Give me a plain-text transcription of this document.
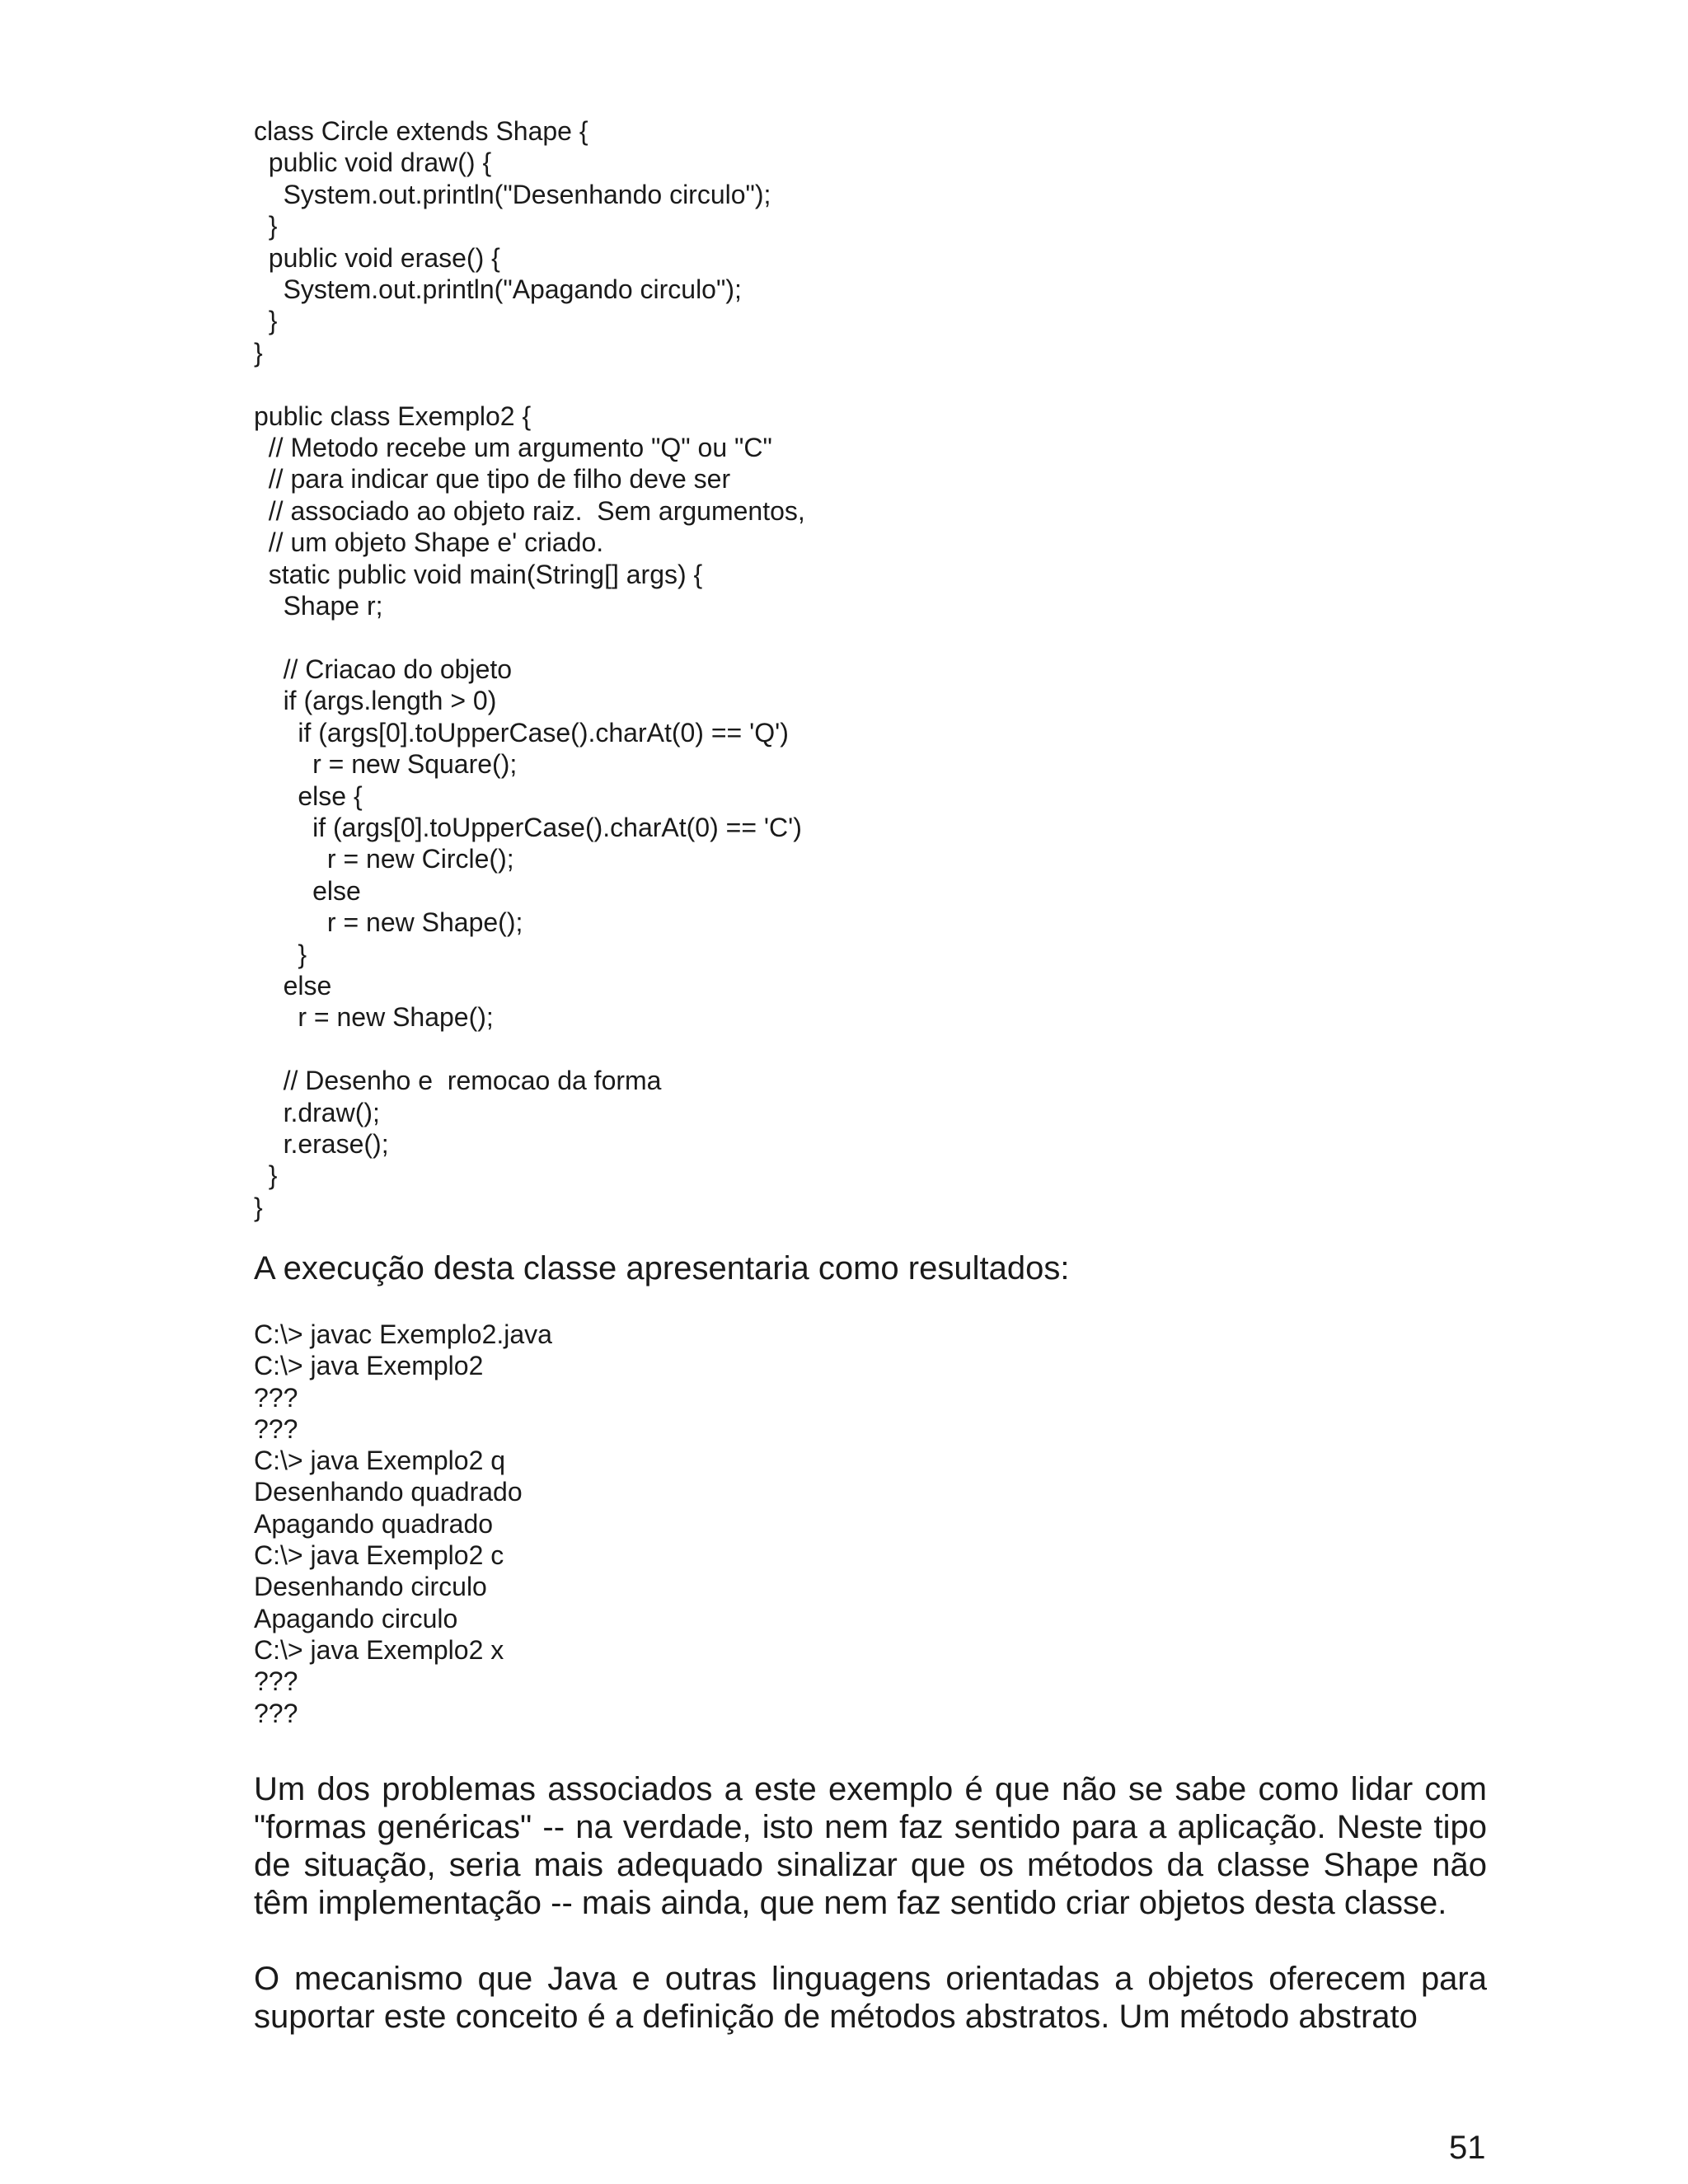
class Circle extends Shape {
public void draw() {
System.out.println("Desenhando circulo");
}
public void erase() {
System.out.println("Apagando circulo");
}
}

public class Exemplo2 {
// Metodo recebe um argumento "Q" ou "C"
// para indicar que tipo de filho deve ser
// associado ao objeto raiz.  Sem argumentos,
// um objeto Shape e' criado.
static public void main(String[] args) {
Shape r;

// Criacao do objeto
if (args.length > 0)
if (args[0].toUpperCase().charAt(0) == 'Q')
r = new Square();
else {
if (args[0].toUpperCase().charAt(0) == 'C')
r = new Circle();
else
r = new Shape();
}
else
r = new Shape();

// Desenho e  remocao da forma
r.draw();
r.erase();
}
}

A execução desta classe apresentaria como resultados:

C:\> javac Exemplo2.java
C:\> java Exemplo2
???
???
C:\> java Exemplo2 q
Desenhando quadrado
Apagando quadrado
C:\> java Exemplo2 c
Desenhando circulo
Apagando circulo
C:\> java Exemplo2 x
???
???

Um dos problemas associados a este exemplo é que não se sabe como lidar com "formas genéricas" -- na verdade, isto nem faz sentido para a aplicação. Neste tipo de situação, seria mais adequado sinalizar que os métodos da classe Shape não têm implementação -- mais ainda, que nem faz sentido criar objetos desta classe.

O mecanismo que Java e outras linguagens orientadas a objetos oferecem para suportar este conceito é a definição de métodos abstratos. Um método abstrato

51
